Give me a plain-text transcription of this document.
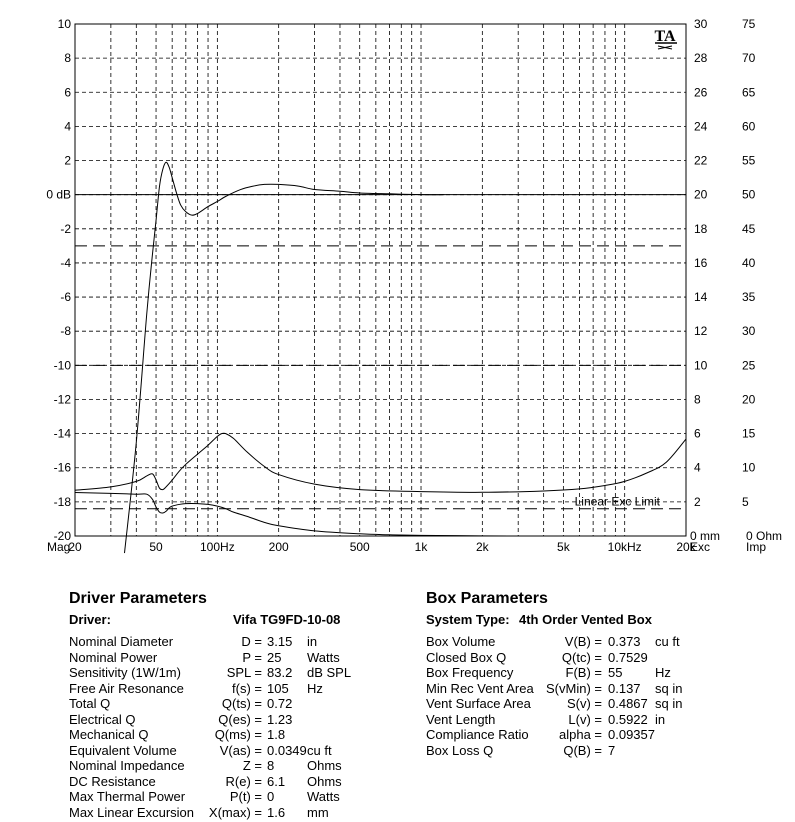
Linear Exc Limit
-20
-18
-16
-14
-12
-10
-8
-6
-4
-2
0 dB
2
4
6
8
10
2
4
6
8
10
12
14
16
18
20
22
24
26
28
30
5
10
15
20
25
30
35
40
45
50
55
60
65
70
75
20	50	100Hz	200	500	1k	2k	5k	10kHz	20k
Mag
0 mm
Exc
0 Ohm
Imp
TA
Driver Parameters
Driver:	Vifa TG9FD-10-08
Nominal Diameter	D = 3.15 in
Nominal Power	P = 25 Watts
Sensitivity (1W/1m)	SPL = 83.2 dB SPL
Free Air Resonance	f(s) = 105 Hz
Total Q	Q(ts) = 0.72
Electrical Q	Q(es) = 1.23
Mechanical Q	Q(ms) = 1.8
Equivalent Volume	V(as) = 0.0349 cu ft
Nominal Impedance	Z = 8	Ohms
DC Resistance	R(e) = 6.1 Ohms
Max Thermal Power	P(t) = 0	Watts
Max Linear Excursion X(max) = 1.6 mm
Box Parameters
System Type: 4th Order Vented Box
Box Volume	V(B) = 0.373 cu ft
Closed Box Q	Q(tc) = 0.7529
Box Frequency	F(B) = 55	Hz
Min Rec Vent Area S(vMin) = 0.137 sq in
Vent Surface Area	S(v) = 0.4867 sq in
Vent Length	L(v) = 0.5922 in
Compliance Ratio alpha = 0.09357
Box Loss Q	Q(B) = 7
